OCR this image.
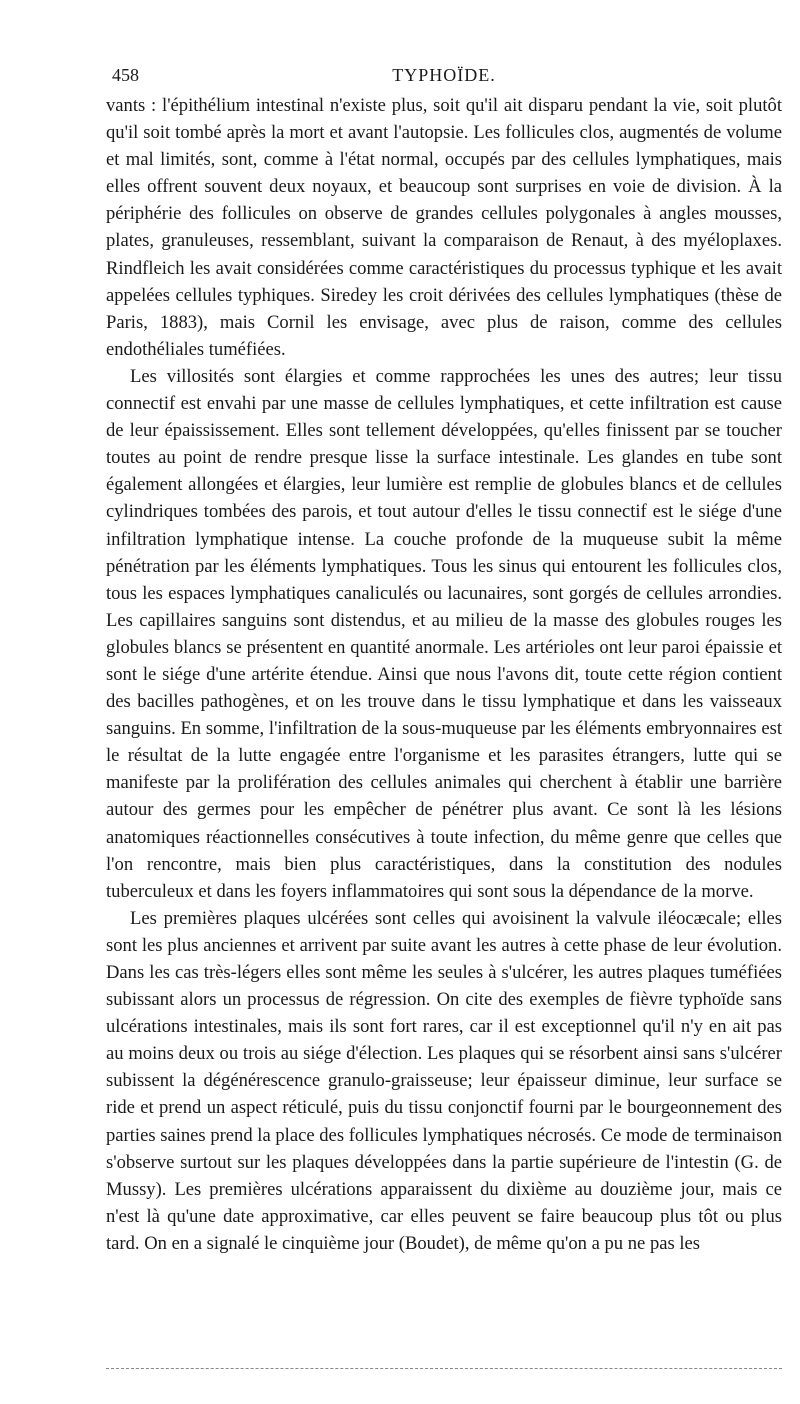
458	TYPHOÏDE.

vants : l'épithélium intestinal n'existe plus, soit qu'il ait disparu pendant la vie, soit plutôt qu'il soit tombé après la mort et avant l'autopsie. Les follicules clos, augmentés de volume et mal limités, sont, comme à l'état normal, occupés par des cellules lymphatiques, mais elles offrent souvent deux noyaux, et beaucoup sont surprises en voie de division. À la périphérie des follicules on observe de grandes cellules polygonales à angles mousses, plates, granuleuses, ressemblant, suivant la comparaison de Renaut, à des myéloplaxes. Rindfleich les avait considérées comme caractéristiques du processus typhique et les avait appelées cellules typhiques. Siredey les croit dérivées des cellules lymphatiques (thèse de Paris, 1883), mais Cornil les envisage, avec plus de raison, comme des cellules endothéliales tuméfiées.

Les villosités sont élargies et comme rapprochées les unes des autres; leur tissu connectif est envahi par une masse de cellules lymphatiques, et cette infiltration est cause de leur épaississement. Elles sont tellement développées, qu'elles finissent par se toucher toutes au point de rendre presque lisse la surface intestinale. Les glandes en tube sont également allongées et élargies, leur lumière est remplie de globules blancs et de cellules cylindriques tombées des parois, et tout autour d'elles le tissu connectif est le siége d'une infiltration lymphatique intense. La couche profonde de la muqueuse subit la même pénétration par les éléments lymphatiques. Tous les sinus qui entourent les follicules clos, tous les espaces lymphatiques canaliculés ou lacunaires, sont gorgés de cellules arrondies. Les capillaires sanguins sont distendus, et au milieu de la masse des globules rouges les globules blancs se présentent en quantité anormale. Les artérioles ont leur paroi épaissie et sont le siége d'une artérite étendue. Ainsi que nous l'avons dit, toute cette région contient des bacilles pathogènes, et on les trouve dans le tissu lymphatique et dans les vaisseaux sanguins. En somme, l'infiltration de la sous-muqueuse par les éléments embryonnaires est le résultat de la lutte engagée entre l'organisme et les parasites étrangers, lutte qui se manifeste par la prolifération des cellules animales qui cherchent à établir une barrière autour des germes pour les empêcher de pénétrer plus avant. Ce sont là les lésions anatomiques réactionnelles consécutives à toute infection, du même genre que celles que l'on rencontre, mais bien plus caractéristiques, dans la constitution des nodules tuberculeux et dans les foyers inflammatoires qui sont sous la dépendance de la morve.

Les premières plaques ulcérées sont celles qui avoisinent la valvule iléocæcale; elles sont les plus anciennes et arrivent par suite avant les autres à cette phase de leur évolution. Dans les cas très-légers elles sont même les seules à s'ulcérer, les autres plaques tuméfiées subissant alors un processus de régression. On cite des exemples de fièvre typhoïde sans ulcérations intestinales, mais ils sont fort rares, car il est exceptionnel qu'il n'y en ait pas au moins deux ou trois au siége d'élection. Les plaques qui se résorbent ainsi sans s'ulcérer subissent la dégénérescence granulo-graisseuse; leur épaisseur diminue, leur surface se ride et prend un aspect réticulé, puis du tissu conjonctif fourni par le bourgeonnement des parties saines prend la place des follicules lymphatiques nécrosés. Ce mode de terminaison s'observe surtout sur les plaques développées dans la partie supérieure de l'intestin (G. de Mussy). Les premières ulcérations apparaissent du dixième au douzième jour, mais ce n'est là qu'une date approximative, car elles peuvent se faire beaucoup plus tôt ou plus tard. On en a signalé le cinquième jour (Boudet), de même qu'on a pu ne pas les
